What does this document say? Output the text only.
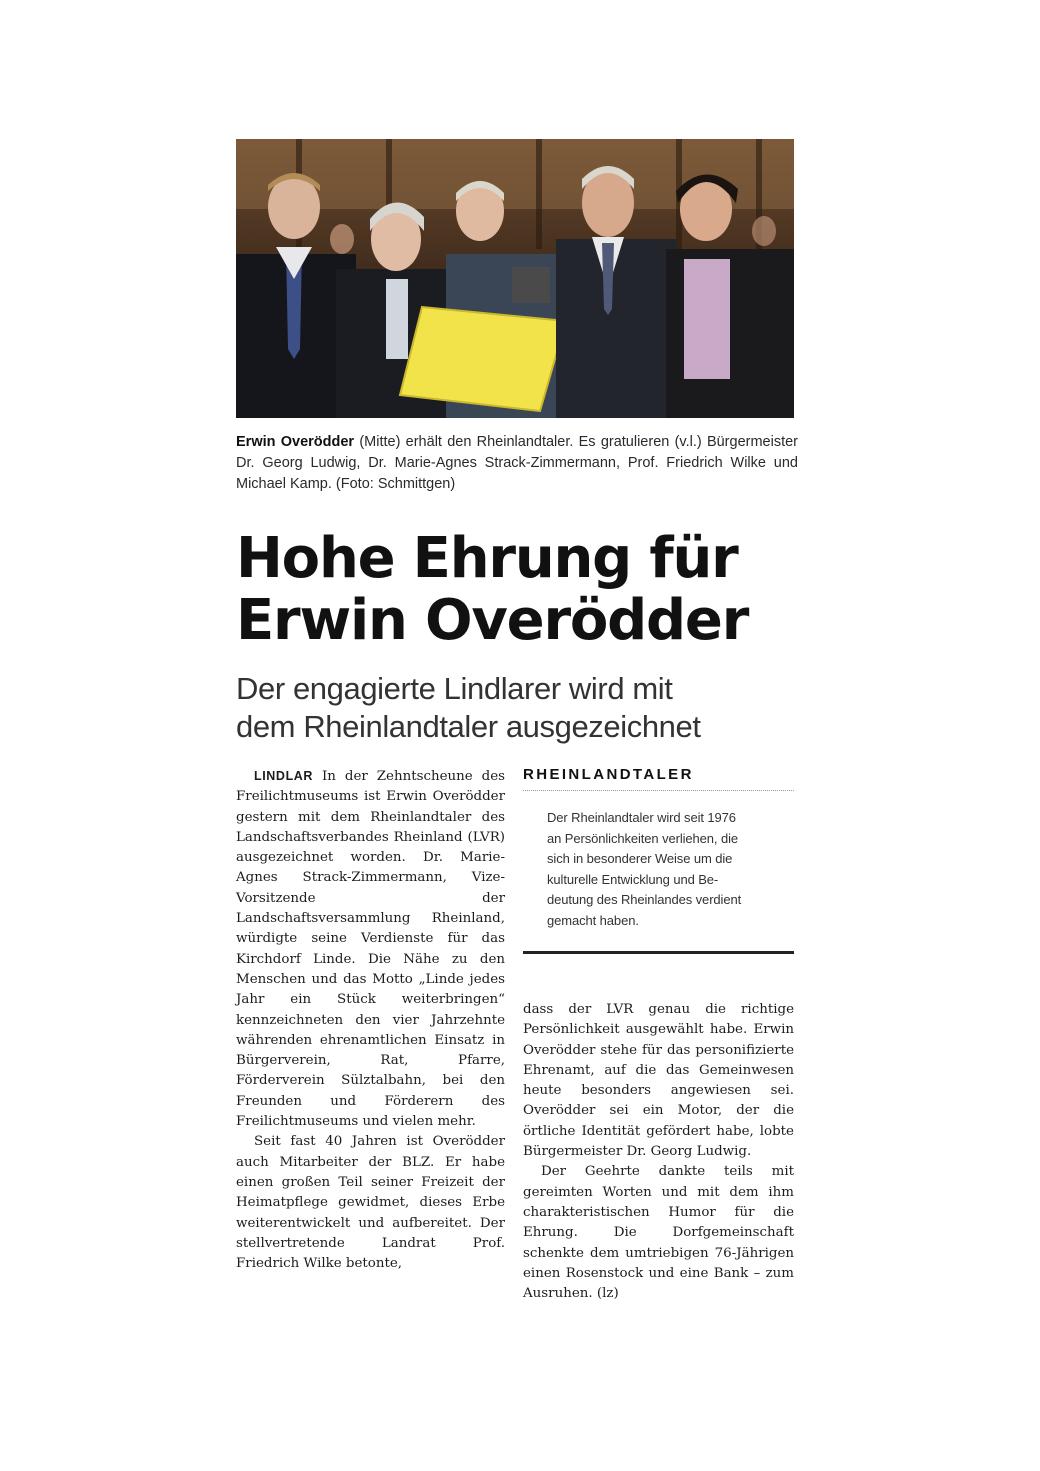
Erwin Overödder (Mitte) erhält den Rheinlandtaler. Es gratulieren (v.l.) Bürgermeister Dr. Georg Ludwig, Dr. Marie-Agnes Strack-Zimmermann, Prof. Friedrich Wilke und Michael Kamp. (Foto: Schmittgen)
Hohe Ehrung für
Erwin Overödder
Der engagierte Lindlarer wird mit
dem Rheinlandtaler ausgezeichnet

LINDLAR In der Zehntscheune des Freilichtmuseums ist Erwin Overödder gestern mit dem Rheinlandtaler des Landschaftsverbandes Rheinland (LVR) ausgezeichnet worden. Dr. Marie-Agnes Strack-Zimmermann, Vize-Vorsitzende der Landschaftsversammlung Rheinland, würdigte seine Verdienste für das Kirchdorf Linde. Die Nähe zu den Menschen und das Motto „Linde jedes Jahr ein Stück weiterbringen“ kennzeichneten den vier Jahrzehnte währenden ehrenamtlichen Einsatz in Bürgerverein, Rat, Pfarre, Förderverein Sülztalbahn, bei den Freunden und Förderern des Freilichtmuseums und vielen mehr.

Seit fast 40 Jahren ist Overödder auch Mitarbeiter der BLZ. Er habe einen großen Teil seiner Freizeit der Heimatpflege gewidmet, dieses Erbe weiterentwickelt und aufbereitet. Der stellvertretende Landrat Prof. Friedrich Wilke betonte,

RHEINLANDTALER
Der Rheinlandtaler wird seit 1976
an Persönlichkeiten verliehen, die
sich in besonderer Weise um die
kulturelle Entwicklung und Be-
deutung des Rheinlandes verdient
gemacht haben.

dass der LVR genau die richtige Persönlichkeit ausgewählt habe. Erwin Overödder stehe für das personifizierte Ehrenamt, auf die das Gemeinwesen heute besonders angewiesen sei. Overödder sei ein Motor, der die örtliche Identität gefördert habe, lobte Bürgermeister Dr. Georg Ludwig.

Der Geehrte dankte teils mit gereimten Worten und mit dem ihm charakteristischen Humor für die Ehrung. Die Dorfgemeinschaft schenkte dem umtriebigen 76-Jährigen einen Rosenstock und eine Bank – zum Ausruhen. (lz)
